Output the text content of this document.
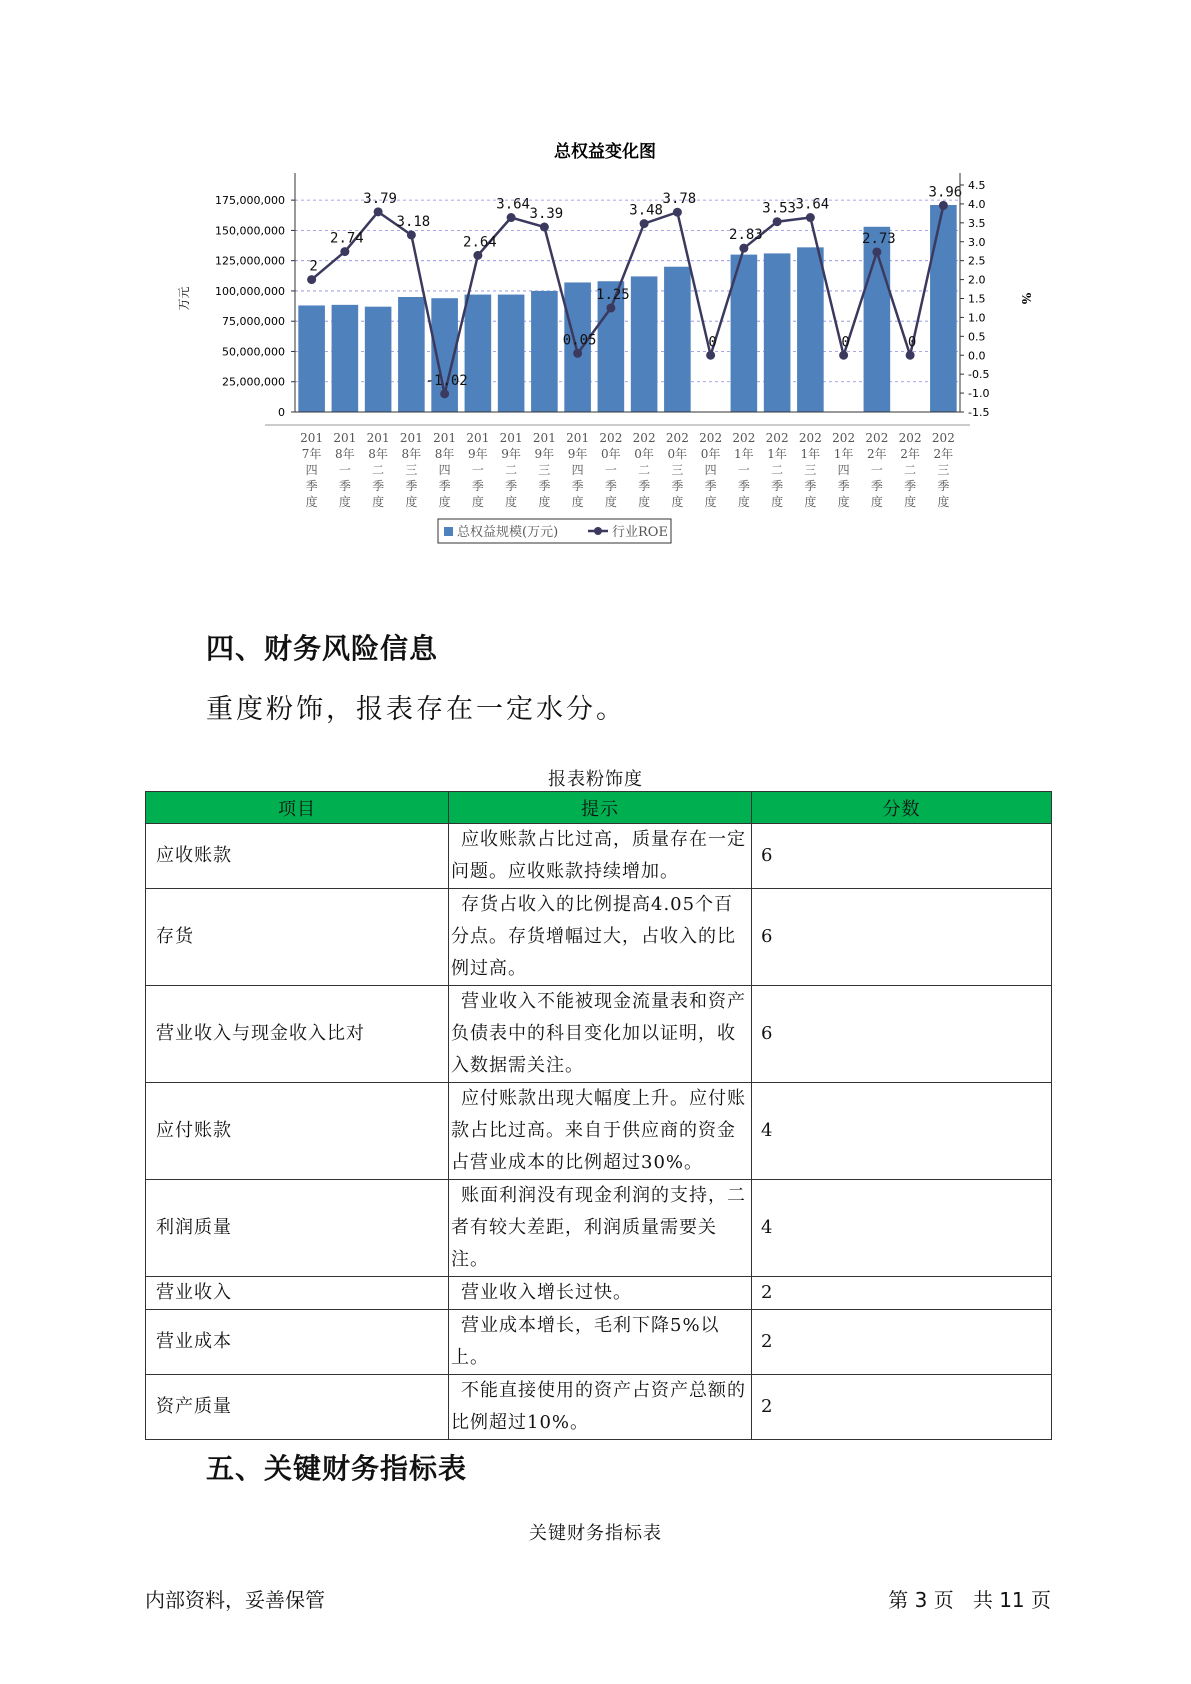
总权益变化图
2
2.74
3.79
3.18
-1.02
2.64
3.64
3.39
0.05
1.25
3.48
3.78
0
2.83
3.53 3.64
0
2.73
0
3.96
0
25,000,000
50,000,000
75,000,000
100,000,000
125,000,000
150,000,000
175,000,000
-1.5
-1.0
-0.5
0.0
0.5
1.0
1.5
2.0
2.5
3.0
3.5
4.0
4.5
万元	%
201 7年四季度
201 8年一季度
201 8年二季度
201 8年三季度
201 8年四季度
201 9年一季度
201 9年二季度
201 9年三季度
201 9年四季度
202 0年一季度
202 0年二季度
202 0年三季度
202 0年四季度
202 1年一季度
202 1年二季度
202 1年三季度
202 1年四季度
202 2年一季度
202 2年二季度
202 2年三季度
总权益规模(万元)	行业ROE
四、财务风险信息
重度粉饰，报表存在一定水分。
报表粉饰度
项目	提示	分数
应收账款	应收账款占比过高，质量存在一定问题。应收账款持续增加。	6
存货	存货占收入的比例提高4.05个百分点。存货增幅过大，占收入的比例过高。	6
营业收入与现金收入比对	营业收入不能被现金流量表和资产负债表中的科目变化加以证明，收入数据需关注。	6
应付账款	应付账款出现大幅度上升。应付账款占比过高。来自于供应商的资金占营业成本的比例超过30%。	4
利润质量	账面利润没有现金利润的支持，二者有较大差距，利润质量需要关注。	4
营业收入	营业收入增长过快。	2
营业成本	营业成本增长，毛利下降5%以上。	2
资产质量	不能直接使用的资产占资产总额的比例超过10%。	2
五、关键财务指标表
关键财务指标表
内部资料，妥善保管	第 3 页 共 11 页
